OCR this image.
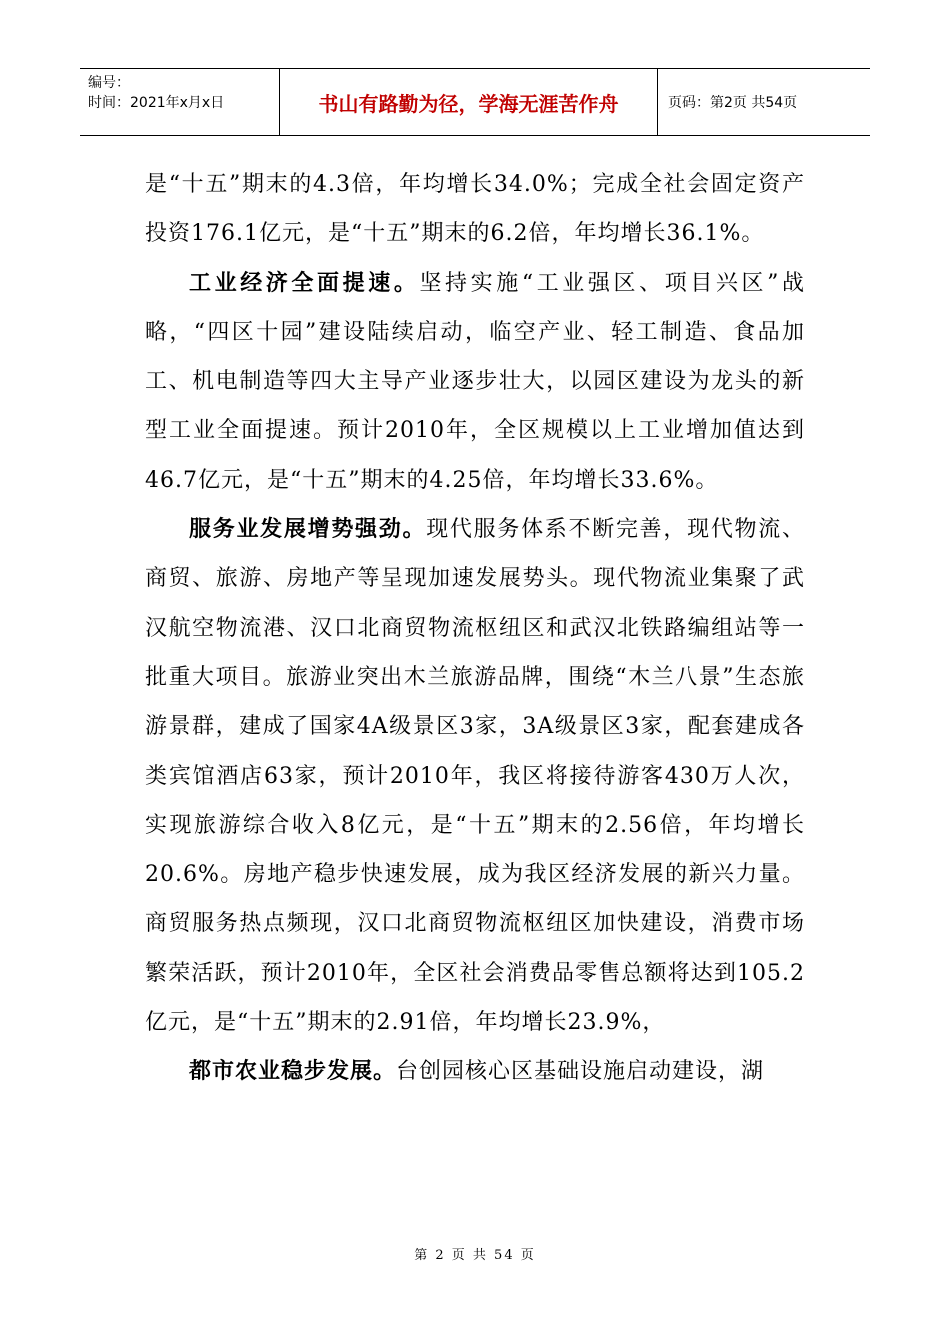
编号：
时间：2021年x月x日	书山有路勤为径，学海无涯苦作舟	页码：第2页 共54页

是“十五”期末的4.3倍，年均增长34.0%；完成全社会固定资产投资176.1亿元，是“十五”期末的6.2倍，年均增长36.1%。

工业经济全面提速。坚持实施“工业强区、项目兴区”战略，“四区十园”建设陆续启动，临空产业、轻工制造、食品加工、机电制造等四大主导产业逐步壮大，以园区建设为龙头的新型工业全面提速。预计2010年，全区规模以上工业增加值达到46.7亿元，是“十五”期末的4.25倍，年均增长33.6%。

服务业发展增势强劲。现代服务体系不断完善，现代物流、商贸、旅游、房地产等呈现加速发展势头。现代物流业集聚了武汉航空物流港、汉口北商贸物流枢纽区和武汉北铁路编组站等一批重大项目。旅游业突出木兰旅游品牌，围绕“木兰八景”生态旅游景群，建成了国家4A级景区3家，3A级景区3家，配套建成各类宾馆酒店63家，预计2010年，我区将接待游客430万人次，实现旅游综合收入8亿元，是“十五”期末的2.56倍，年均增长20.6%。房地产稳步快速发展，成为我区经济发展的新兴力量。商贸服务热点频现，汉口北商贸物流枢纽区加快建设，消费市场繁荣活跃，预计2010年，全区社会消费品零售总额将达到105.2亿元，是“十五”期末的2.91倍，年均增长23.9%，

都市农业稳步发展。台创园核心区基础设施启动建设，湖

第 2 页 共 54 页
